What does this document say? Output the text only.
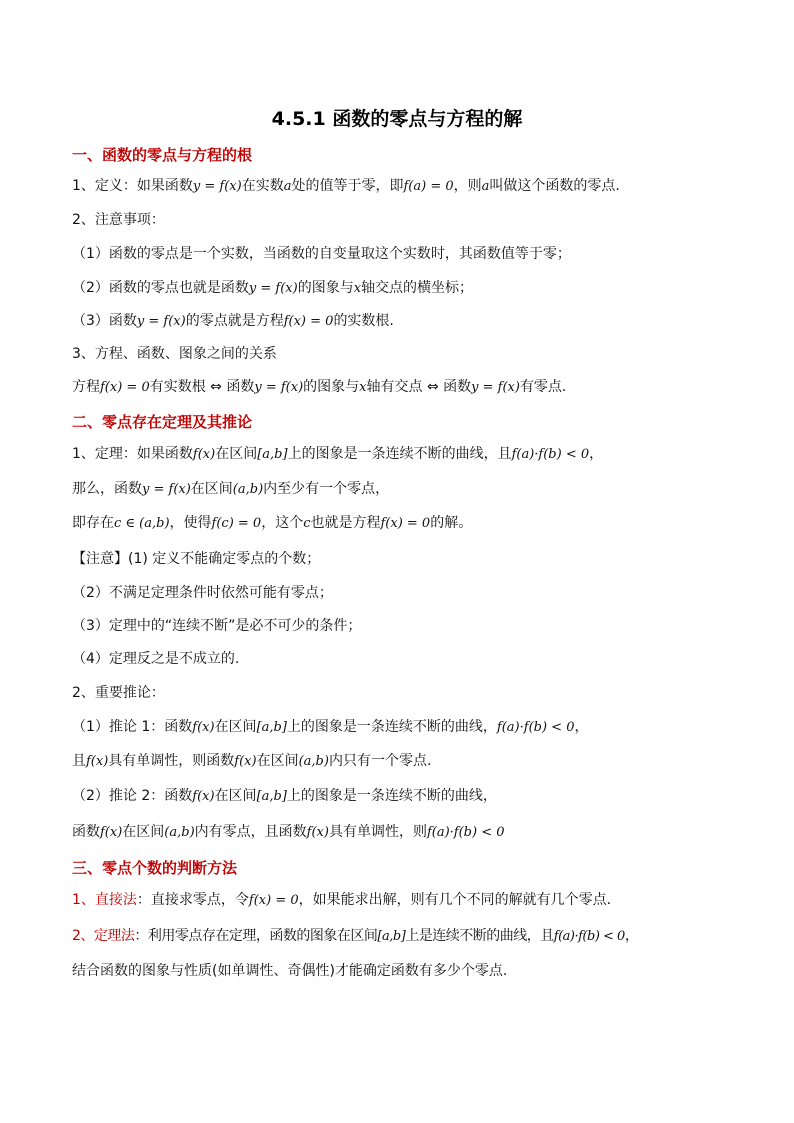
4.5.1 函数的零点与方程的解
一、函数的零点与方程的根
1、定义：如果函数y = f(x)在实数a处的值等于零，即f(a) = 0，则a叫做这个函数的零点.
2、注意事项：
（1）函数的零点是一个实数，当函数的自变量取这个实数时，其函数值等于零；
（2）函数的零点也就是函数y = f(x)的图象与x轴交点的横坐标；
（3）函数y = f(x)的零点就是方程f(x) = 0的实数根.
3、方程、函数、图象之间的关系
方程f(x) = 0有实数根 ⇔ 函数y = f(x)的图象与x轴有交点 ⇔ 函数y = f(x)有零点.
二、零点存在定理及其推论
1、定理：如果函数f(x)在区间[a,b]上的图象是一条连续不断的曲线，且f(a)·f(b) < 0，
那么，函数y = f(x)在区间(a,b)内至少有一个零点，
即存在c ∈ (a,b)，使得f(c) = 0，这个c也就是方程f(x) = 0的解。
【注意】(1) 定义不能确定零点的个数；
（2）不满足定理条件时依然可能有零点；
（3）定理中的“连续不断”是必不可少的条件；
（4）定理反之是不成立的.
2、重要推论：
（1）推论 1：函数f(x)在区间[a,b]上的图象是一条连续不断的曲线，f(a)·f(b) < 0，
且f(x)具有单调性，则函数f(x)在区间(a,b)内只有一个零点.
（2）推论 2：函数f(x)在区间[a,b]上的图象是一条连续不断的曲线，
函数f(x)在区间(a,b)内有零点，且函数f(x)具有单调性，则f(a)·f(b) < 0
三、零点个数的判断方法
1、直接法：直接求零点，令f(x) = 0，如果能求出解，则有几个不同的解就有几个零点.
2、定理法：利用零点存在定理，函数的图象在区间[a,b]上是连续不断的曲线，且f(a)·f(b) < 0，
结合函数的图象与性质(如单调性、奇偶性)才能确定函数有多少个零点.
